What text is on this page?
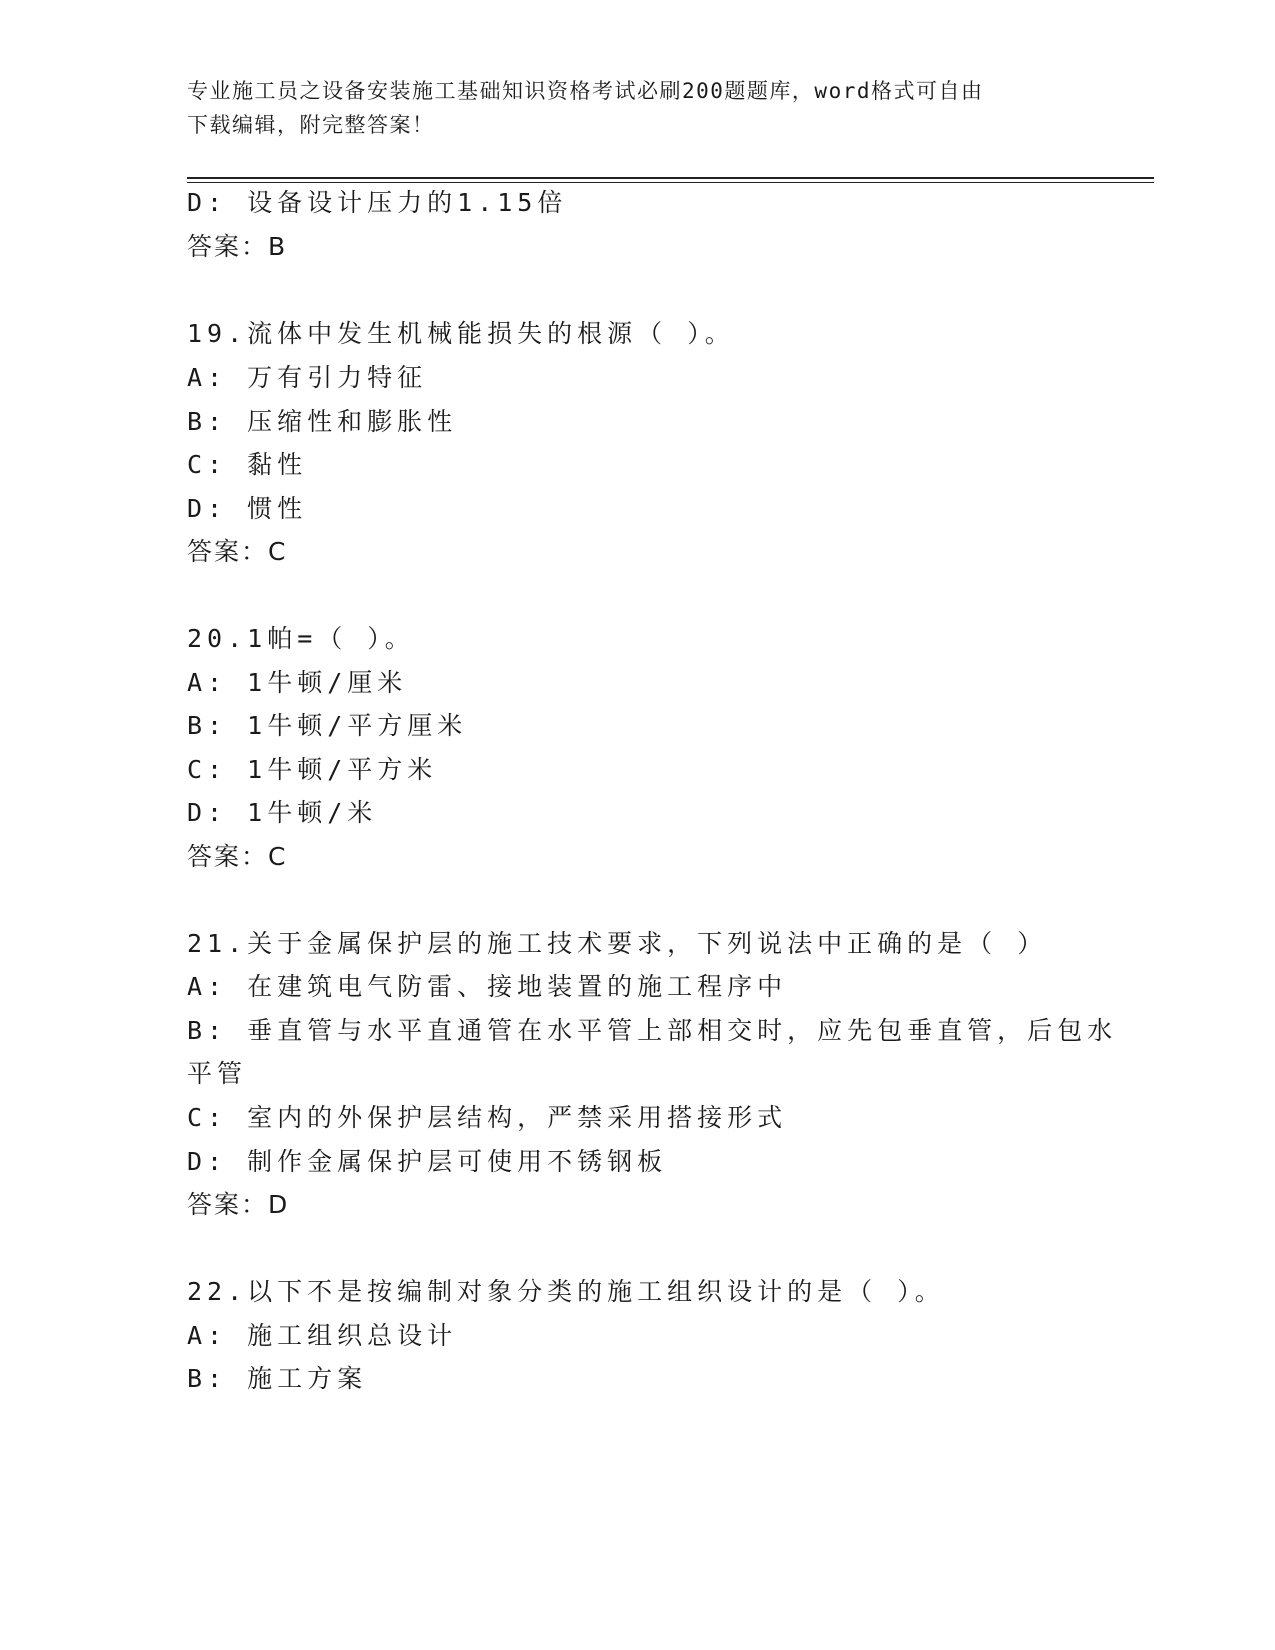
专业施工员之设备安装施工基础知识资格考试必刷200题题库，word格式可自由
下载编辑，附完整答案！
D: 设备设计压力的1.15倍
答案：B
19.流体中发生机械能损失的根源（ ）。
A: 万有引力特征
B: 压缩性和膨胀性
C: 黏性
D: 惯性
答案：C
20.1帕=（ ）。
A: 1牛顿/厘米
B: 1牛顿/平方厘米
C: 1牛顿/平方米
D: 1牛顿/米
答案：C
21.关于金属保护层的施工技术要求，下列说法中正确的是（ ）
A: 在建筑电气防雷、接地装置的施工程序中
B: 垂直管与水平直通管在水平管上部相交时，应先包垂直管，后包水
平管
C: 室内的外保护层结构，严禁采用搭接形式
D: 制作金属保护层可使用不锈钢板
答案：D
22.以下不是按编制对象分类的施工组织设计的是（ ）。
A: 施工组织总设计
B: 施工方案
